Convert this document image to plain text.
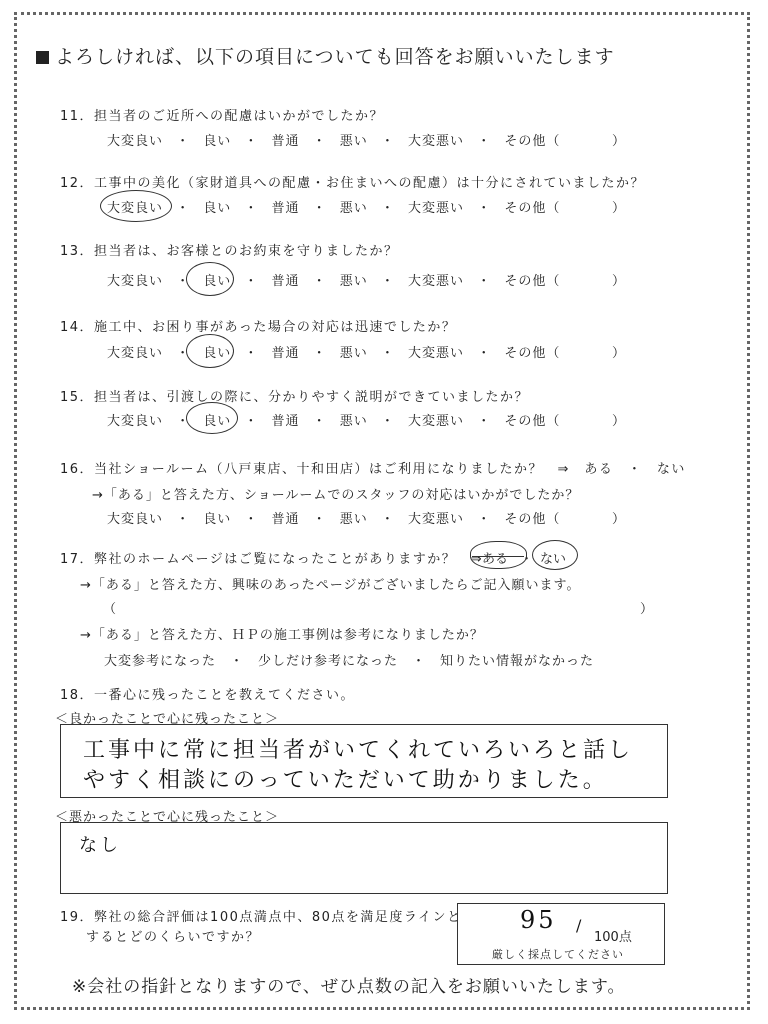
よろしければ、以下の項目についても回答をお願いいたします
11．担当者のご近所への配慮はいかがでしたか？
大変良い ・ 良い ・ 普通 ・ 悪い ・ 大変悪い ・ その他（	）
12．工事中の美化（家財道具への配慮・お住まいへの配慮）は十分にされていましたか？
大変良い ・ 良い ・ 普通 ・ 悪い ・ 大変悪い ・ その他（	）
13．担当者は、お客様とのお約束を守りましたか？
大変良い ・ 良い ・ 普通 ・ 悪い ・ 大変悪い ・ その他（	）
14．施工中、お困り事があった場合の対応は迅速でしたか？
大変良い ・ 良い ・ 普通 ・ 悪い ・ 大変悪い ・ その他（	）
15．担当者は、引渡しの際に、分かりやすく説明ができていましたか？
大変良い ・ 良い ・ 普通 ・ 悪い ・ 大変悪い ・ その他（	）
16．当社ショールーム（八戸東店、十和田店）はご利用になりましたか？　⇒　ある　・　ない
→「ある」と答えた方、ショールームでのスタッフの対応はいかがでしたか？
大変良い ・ 良い ・ 普通 ・ 悪い ・ 大変悪い ・ その他（	）
17．弊社のホームページはご覧になったことがありますか？　⇒
ある ・ ない
→「ある」と答えた方、興味のあったページがございましたらご記入願います。
（	）
→「ある」と答えた方、ＨＰの施工事例は参考になりましたか？
大変参考になった　・　少しだけ参考になった　・　知りたい情報がなかった
18．一番心に残ったことを教えてください。
＜良かったことで心に残ったこと＞
工事中に常に担当者がいてくれていろいろと話し
やすく相談にのっていただいて助かりました。
＜悪かったことで心に残ったこと＞
なし
19．弊社の総合評価は100点満点中、80点を満足度ラインと
するとどのくらいですか？
95 /
100点
厳しく採点してください
※会社の指針となりますので、ぜひ点数の記入をお願いいたします。
